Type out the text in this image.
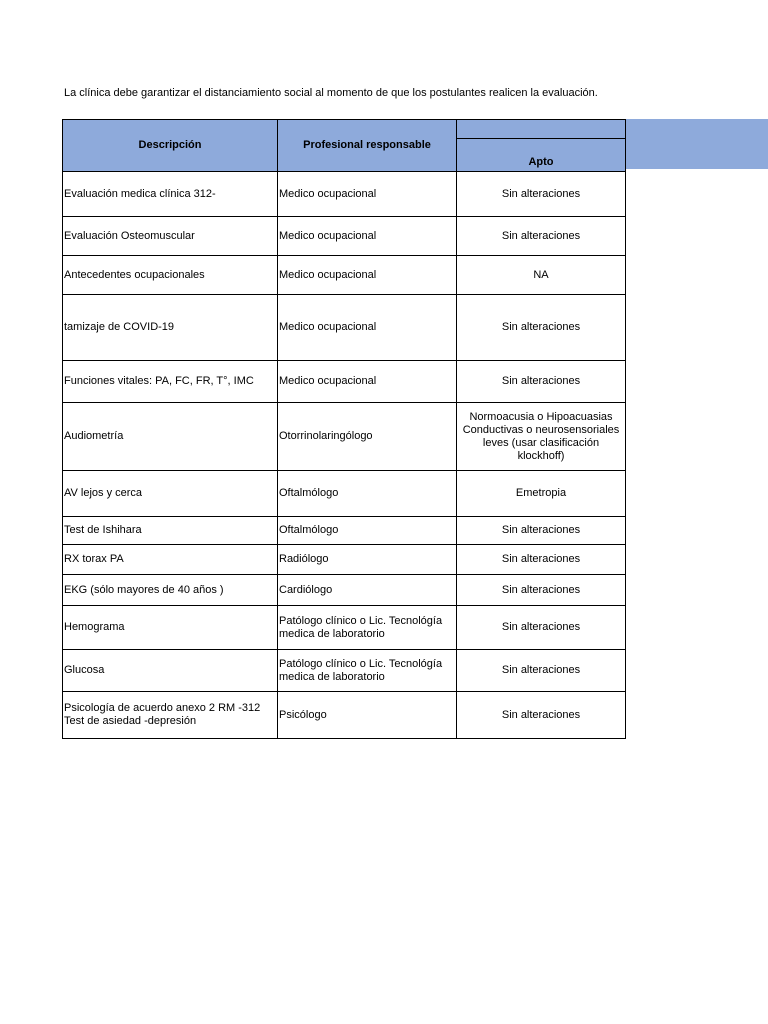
La clínica debe garantizar el distanciamiento social al momento de que los postulantes realicen la evaluación.
Descripción	Profesional responsable	
		Apto
Evaluación medica clínica 312-	Medico ocupacional	Sin alteraciones
Evaluación Osteomuscular	Medico ocupacional	Sin alteraciones
Antecedentes ocupacionales	Medico ocupacional	NA
tamizaje de COVID-19	Medico ocupacional	Sin alteraciones
Funciones vitales: PA, FC, FR, T°, IMC	Medico ocupacional	Sin alteraciones
Audiometría	Otorrinolaringólogo	Normoacusia o Hipoacuasias Conductivas o neurosensoriales leves (usar clasificación klockhoff)
AV lejos y cerca	Oftalmólogo	Emetropia
Test de Ishihara	Oftalmólogo	Sin alteraciones
RX torax PA	Radiólogo	Sin alteraciones
EKG (sólo mayores de 40 años )	Cardiólogo	Sin alteraciones
Hemograma	Patólogo clínico o Lic. Tecnológía medica de laboratorio	Sin alteraciones
Glucosa	Patólogo clínico o Lic. Tecnológía medica de laboratorio	Sin alteraciones
Psicología de acuerdo anexo 2 RM -312 Test de asiedad -depresión	Psicólogo	Sin alteraciones
